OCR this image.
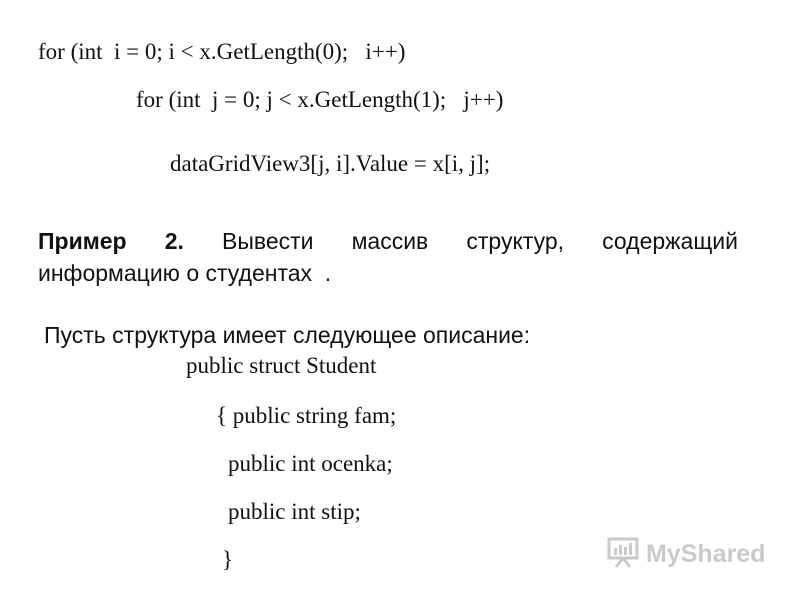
for (int  i = 0; i < x.GetLength(0);   i++)
for (int  j = 0; j < x.GetLength(1);   j++)
dataGridView3[j, i].Value = x[i, j];
Пример 2. Вывести массив структур, содержащий
информацию о студентах  .
Пусть структура имеет следующее описание:
public struct Student
{ public string fam;
public int ocenka;
public int stip;
}	MyShared
